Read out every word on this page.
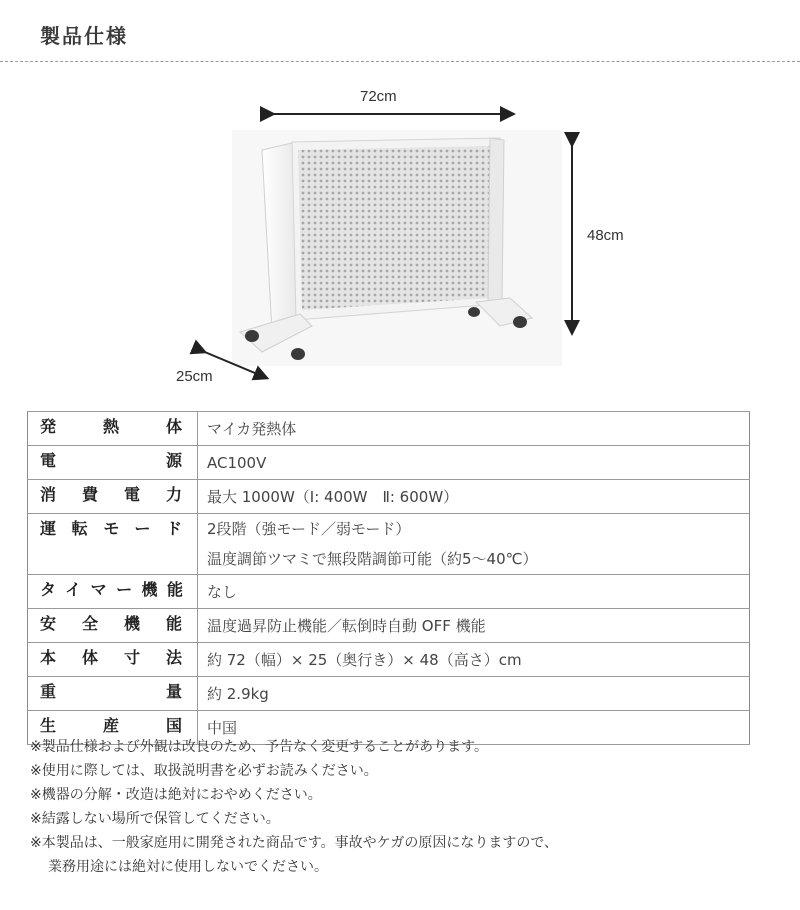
製品仕様
72cm
48cm
25cm
発熱体	マイカ発熱体

電源	AC100V

消費電力	最大 1000W（Ⅰ: 400W　Ⅱ: 600W）

運転モード	2段階（強モード／弱モード）
温度調節ツマミで無段階調節可能（約5〜40℃）

タイマー機能	なし

安全機能	温度過昇防止機能／転倒時自動 OFF 機能

本体寸法	約 72（幅）× 25（奥行き）× 48（高さ）cm

重量	約 2.9kg

生産国	中国
※製品仕様および外観は改良のため、予告なく変更することがあります。
※使用に際しては、取扱説明書を必ずお読みください。
※機器の分解・改造は絶対におやめください。
※結露しない場所で保管してください。
※本製品は、一般家庭用に開発された商品です。事故やケガの原因になりますので、
業務用途には絶対に使用しないでください。
